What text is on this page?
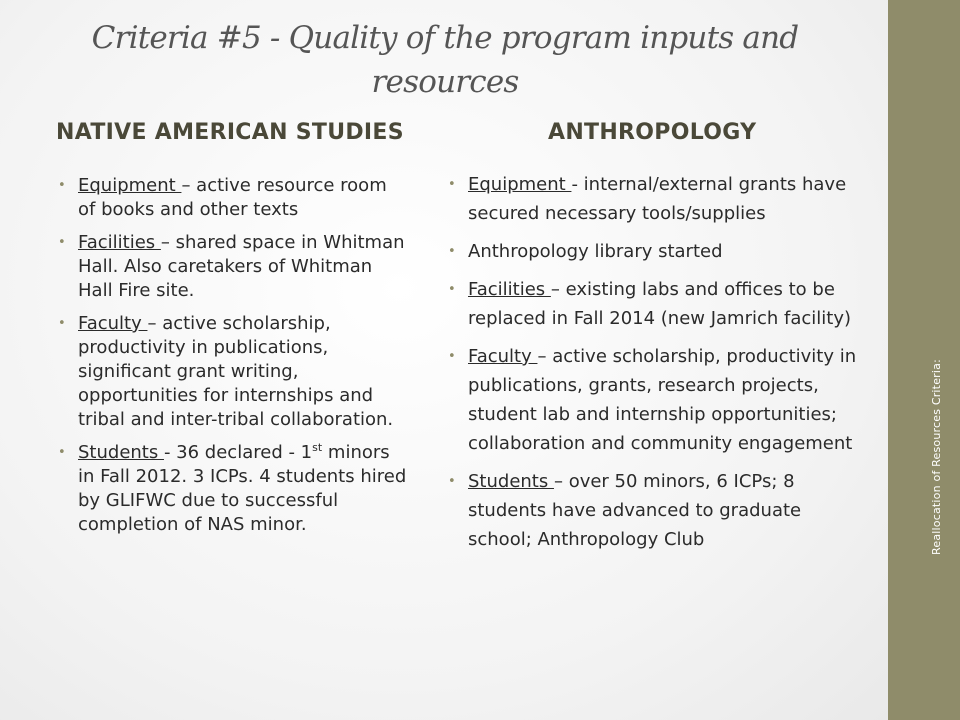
Criteria #5 - Quality of the program inputs and resources
NATIVE AMERICAN STUDIES	ANTHROPOLOGY
• Equipment – active resource room of books and other texts
• Facilities – shared space in Whitman Hall. Also caretakers of Whitman Hall Fire site.
• Faculty – active scholarship, productivity in publications, significant grant writing, opportunities for internships and tribal and inter-tribal collaboration.
• Students - 36 declared - 1st minors in Fall 2012. 3 ICPs. 4 students hired by GLIFWC due to successful completion of NAS minor.
• Equipment - internal/external grants have secured necessary tools/supplies
• Anthropology library started
• Facilities – existing labs and offices to be replaced in Fall 2014 (new Jamrich facility)
• Faculty – active scholarship, productivity in publications, grants, research projects, student lab and internship opportunities; collaboration and community engagement
• Students – over 50 minors, 6 ICPs; 8 students have advanced to graduate school; Anthropology Club	Reallocation of Resources Criteria:
